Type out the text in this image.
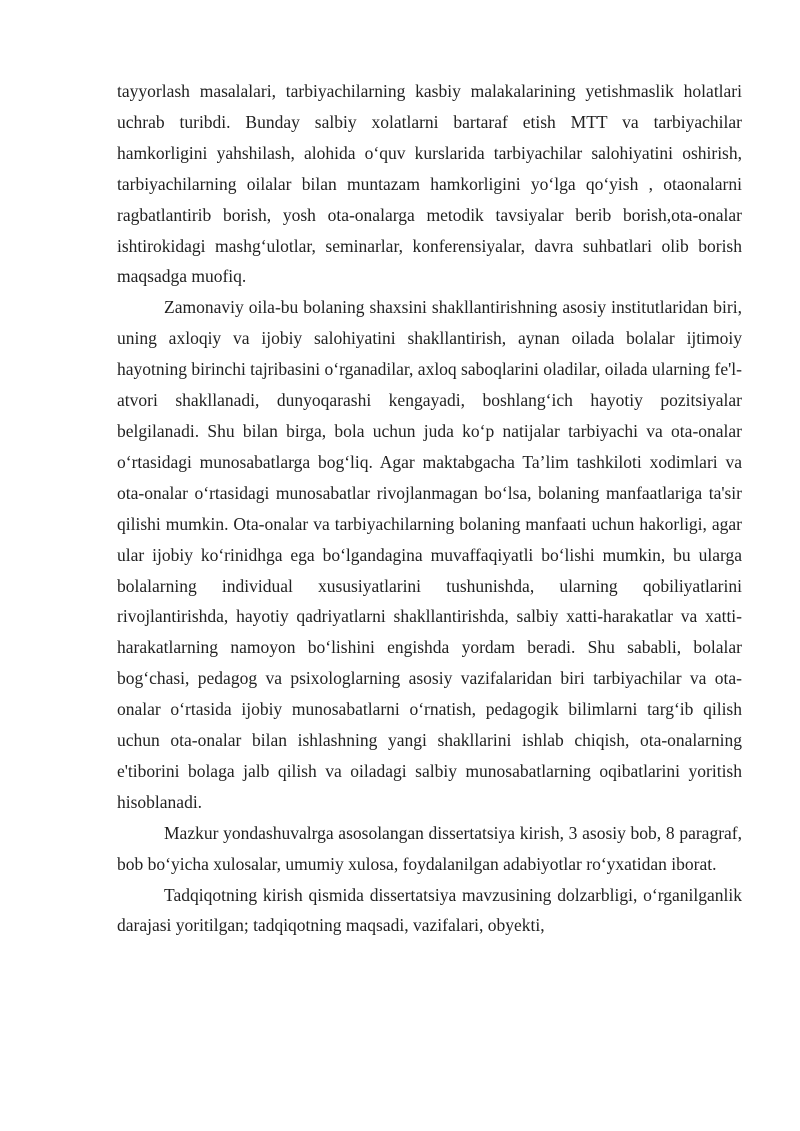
tayyorlash masalalari, tarbiyachilarning kasbiy malakalarining yetishmaslik holatlari uchrab turibdi. Bunday salbiy xolatlarni bartaraf etish MTT va tarbiyachilar hamkorligini yahshilash, alohida o‘quv kurslarida tarbiyachilar salohiyatini oshirish, tarbiyachilarning oilalar bilan muntazam hamkorligini yo‘lga qo‘yish , otaonalarni ragbatlantirib borish, yosh ota-onalarga metodik tavsiyalar berib borish,ota-onalar ishtirokidagi mashg‘ulotlar, seminarlar, konferensiyalar, davra suhbatlari olib borish maqsadga muofiq.

Zamonaviy oila-bu bolaning shaxsini shakllantirishning asosiy institutlaridan biri, uning axloqiy va ijobiy salohiyatini shakllantirish, aynan oilada bolalar ijtimoiy hayotning birinchi tajribasini o‘rganadilar, axloq saboqlarini oladilar, oilada ularning fe'l-atvori shakllanadi, dunyoqarashi kengayadi, boshlang‘ich hayotiy pozitsiyalar belgilanadi. Shu bilan birga, bola uchun juda ko‘p natijalar tarbiyachi va ota-onalar o‘rtasidagi munosabatlarga bog‘liq. Agar maktabgacha Ta’lim tashkiloti xodimlari va ota-onalar o‘rtasidagi munosabatlar rivojlanmagan bo‘lsa, bolaning manfaatlariga ta'sir qilishi mumkin. Ota-onalar va tarbiyachilarning bolaning manfaati uchun hakorligi, agar ular ijobiy ko‘rinidhga ega bo‘lgandagina muvaffaqiyatli bo‘lishi mumkin, bu ularga bolalarning individual xususiyatlarini tushunishda, ularning qobiliyatlarini rivojlantirishda, hayotiy qadriyatlarni shakllantirishda, salbiy xatti-harakatlar va xatti-harakatlarning namoyon bo‘lishini engishda yordam beradi. Shu sababli, bolalar bog‘chasi, pedagog va psixologlarning asosiy vazifalaridan biri tarbiyachilar va ota-onalar o‘rtasida ijobiy munosabatlarni o‘rnatish, pedagogik bilimlarni targ‘ib qilish uchun ota-onalar bilan ishlashning yangi shakllarini ishlab chiqish, ota-onalarning e'tiborini bolaga jalb qilish va oiladagi salbiy munosabatlarning oqibatlarini yoritish hisoblanadi.

Mazkur yondashuvalrga asosolangan dissertatsiya kirish, 3 asosiy bob, 8 paragraf, bob bo‘yicha xulosalar, umumiy xulosa, foydalanilgan adabiyotlar ro‘yxatidan iborat.

Tadqiqotning kirish qismida dissertatsiya mavzusining dolzarbligi, o‘rganilganlik darajasi yoritilgan; tadqiqotning maqsadi, vazifalari, obyekti,
